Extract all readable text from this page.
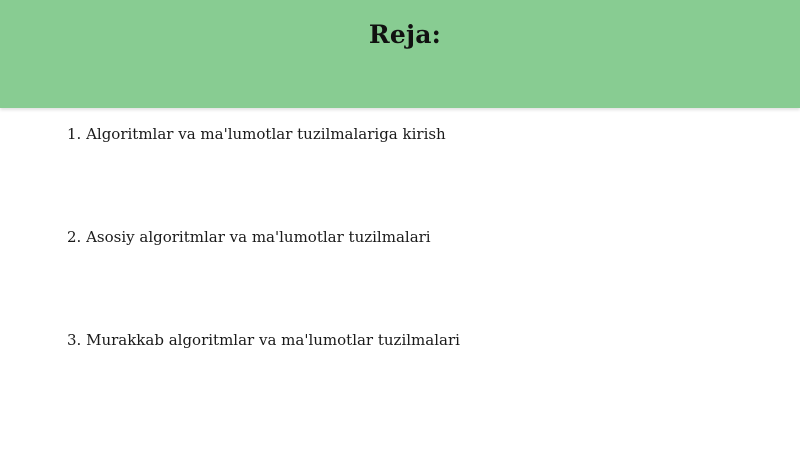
Reja:
1. Algoritmlar va ma'lumotlar tuzilmalariga kirish
2. Asosiy algoritmlar va ma'lumotlar tuzilmalari
3. Murakkab algoritmlar va ma'lumotlar tuzilmalari
